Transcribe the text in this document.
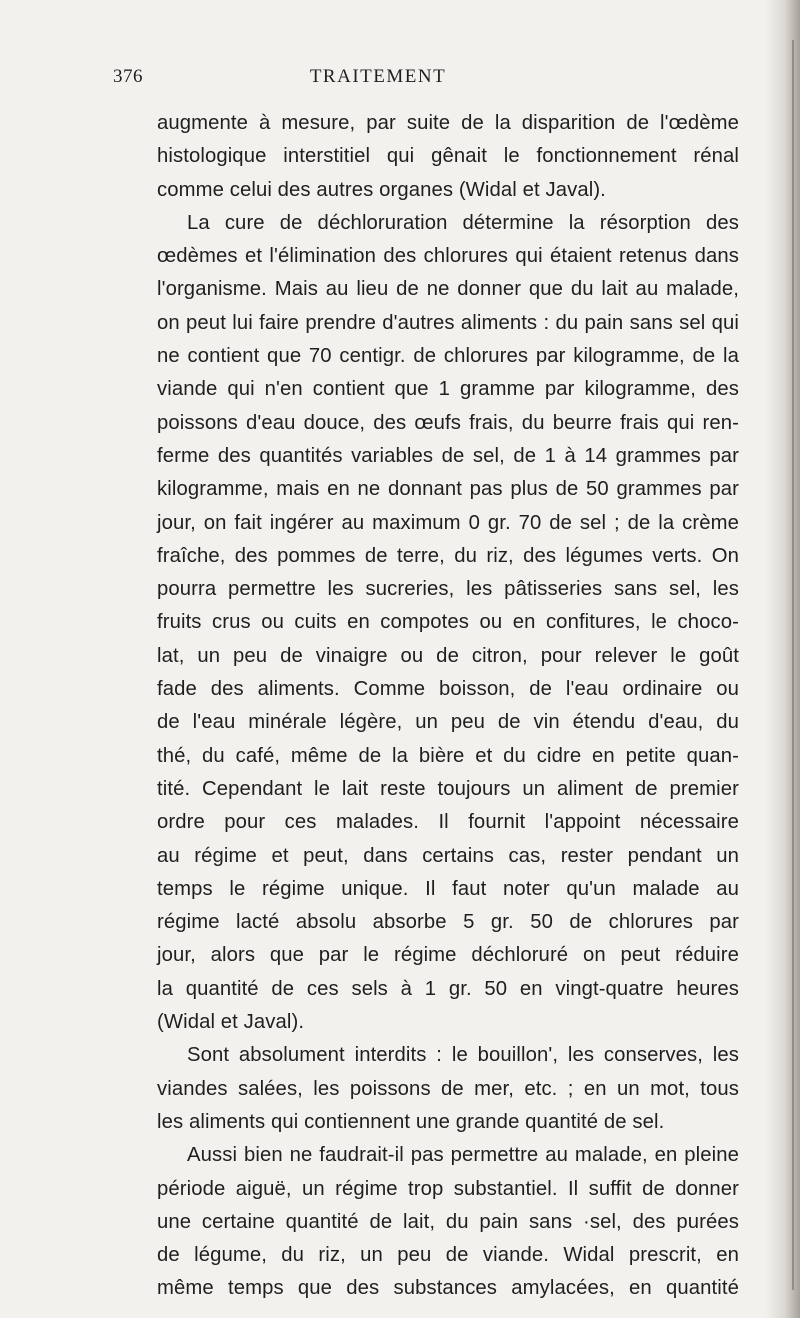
376	TRAITEMENT
augmente à mesure, par suite de la disparition de l'œdème
histologique interstitiel qui gênait le fonctionnement rénal
comme celui des autres organes (Widal et Javal).
La cure de déchloruration détermine la résorption des
œdèmes et l'élimination des chlorures qui étaient retenus dans
l'organisme. Mais au lieu de ne donner que du lait au malade,
on peut lui faire prendre d'autres aliments : du pain sans sel qui
ne contient que 70 centigr. de chlorures par kilogramme, de la
viande qui n'en contient que 1 gramme par kilogramme, des
poissons d'eau douce, des œufs frais, du beurre frais qui ren-
ferme des quantités variables de sel, de 1 à 14 grammes par
kilogramme, mais en ne donnant pas plus de 50 grammes par
jour, on fait ingérer au maximum 0 gr. 70 de sel ; de la crème
fraîche, des pommes de terre, du riz, des légumes verts. On
pourra permettre les sucreries, les pâtisseries sans sel, les
fruits crus ou cuits en compotes ou en confitures, le choco-
lat, un peu de vinaigre ou de citron, pour relever le goût
fade des aliments. Comme boisson, de l'eau ordinaire ou
de l'eau minérale légère, un peu de vin étendu d'eau, du
thé, du café, même de la bière et du cidre en petite quan-
tité. Cependant le lait reste toujours un aliment de premier
ordre pour ces malades. Il fournit l'appoint nécessaire
au régime et peut, dans certains cas, rester pendant un
temps le régime unique. Il faut noter qu'un malade au
régime lacté absolu absorbe 5 gr. 50 de chlorures par
jour, alors que par le régime déchloruré on peut réduire
la quantité de ces sels à 1 gr. 50 en vingt-quatre heures
(Widal et Javal).
Sont absolument interdits : le bouillon', les conserves, les
viandes salées, les poissons de mer, etc. ; en un mot, tous
les aliments qui contiennent une grande quantité de sel.
Aussi bien ne faudrait-il pas permettre au malade, en pleine
période aiguë, un régime trop substantiel. Il suffit de donner
une certaine quantité de lait, du pain sans ·sel, des purées
de légume, du riz, un peu de viande. Widal prescrit, en
même temps que des substances amylacées, en quantité
